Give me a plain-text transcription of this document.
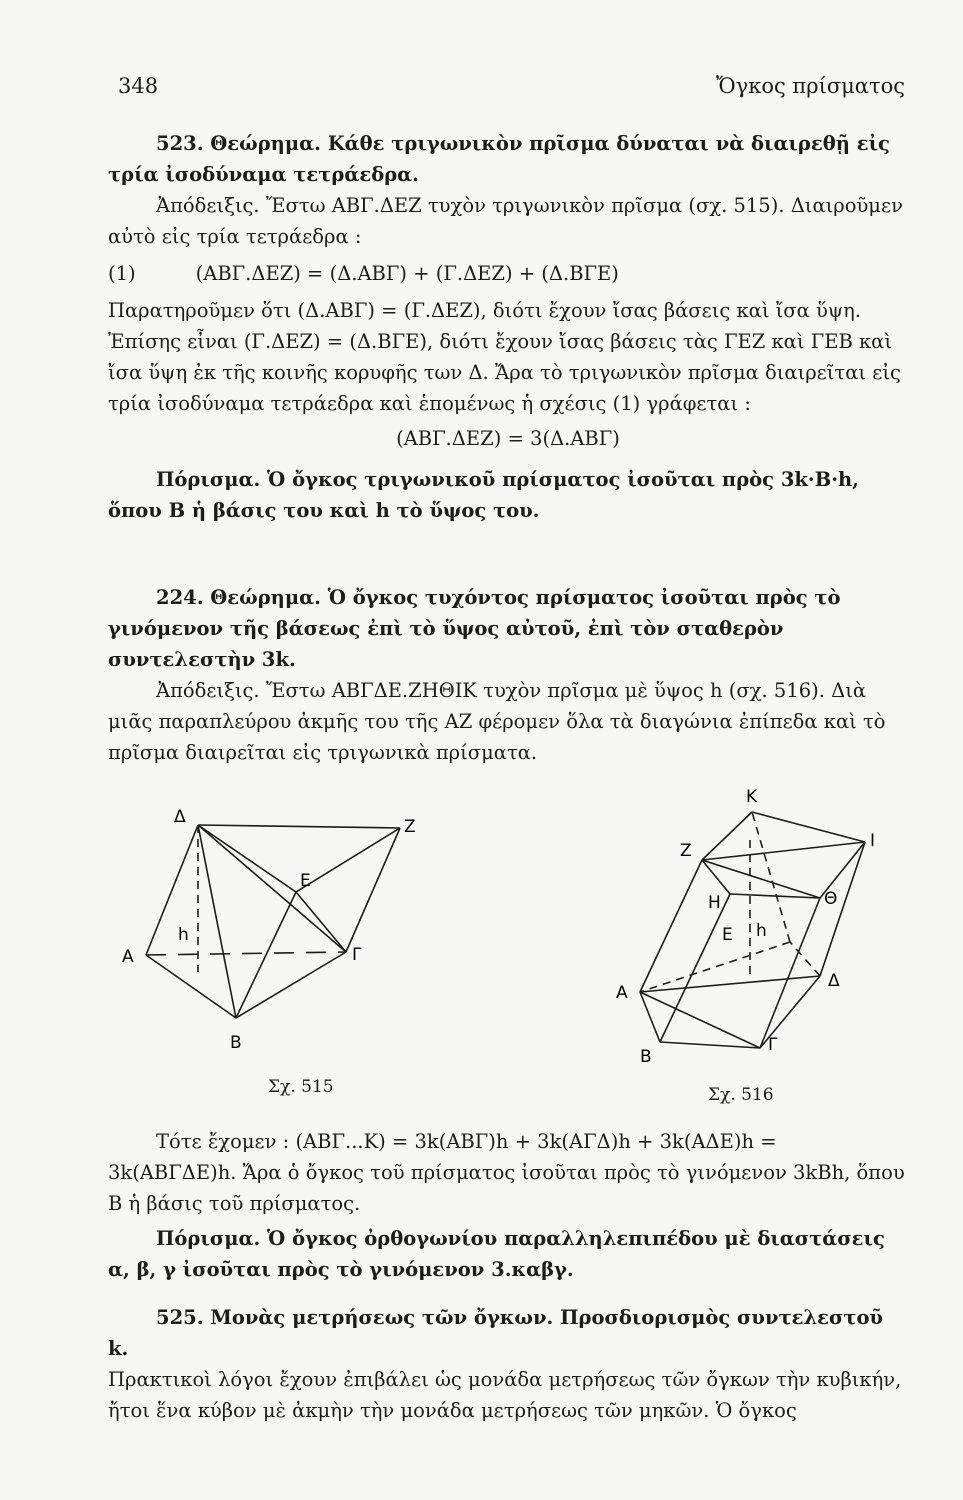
348	Ὄγκος πρίσματος

523. Θεώρημα. Κάθε τριγωνικὸν πρῖσμα δύναται νὰ διαιρεθῇ εἰς τρία ἰσοδύναμα τετράεδρα.

Ἀπόδειξις. Ἔστω ΑΒΓ.ΔΕΖ τυχὸν τριγωνικὸν πρῖσμα (σχ. 515). Διαιροῦμεν αὐτὸ εἰς τρία τετράεδρα :

(1)	(ΑΒΓ.ΔΕΖ) = (Δ.ΑΒΓ) + (Γ.ΔΕΖ) + (Δ.ΒΓΕ)

Παρατηροῦμεν ὅτι (Δ.ΑΒΓ) = (Γ.ΔΕΖ), διότι ἔχουν ἴσας βάσεις καὶ ἴσα ὕψη. Ἐπίσης εἶναι (Γ.ΔΕΖ) = (Δ.ΒΓΕ), διότι ἔχουν ἴσας βάσεις τὰς ΓΕΖ καὶ ΓΕΒ καὶ ἴσα ὕψη ἐκ τῆς κοινῆς κορυφῆς των Δ. Ἄρα τὸ τριγωνικὸν πρῖσμα διαιρεῖται εἰς τρία ἰσοδύναμα τετράεδρα καὶ ἑπομένως ἡ σχέσις (1) γράφεται :

(ΑΒΓ.ΔΕΖ) = 3(Δ.ΑΒΓ)

Πόρισμα. Ὁ ὄγκος τριγωνικοῦ πρίσματος ἰσοῦται πρὸς 3k·B·h, ὅπου Β ἡ βάσις του καὶ h τὸ ὕψος του.

224. Θεώρημα. Ὁ ὄγκος τυχόντος πρίσματος ἰσοῦται πρὸς τὸ γινόμενον τῆς βάσεως ἐπὶ τὸ ὕψος αὐτοῦ, ἐπὶ τὸν σταθερὸν συντελεστὴν 3k.

Ἀπόδειξις. Ἔστω ΑΒΓΔΕ.ΖΗΘΙΚ τυχὸν πρῖσμα μὲ ὕψος h (σχ. 516). Διὰ μιᾶς παραπλεύρου ἀκμῆς του τῆς ΑΖ φέρομεν ὅλα τὰ διαγώνια ἐπίπεδα καὶ τὸ πρῖσμα διαιρεῖται εἰς τριγωνικὰ πρίσματα.

Δ	Z
E
h
A	Γ
B
Σχ. 515
K
Z	I
H	Θ
E h
A
Δ
B
Γ
Σχ. 516

Τότε ἔχομεν : (ΑΒΓ...Κ) = 3k(ΑΒΓ)h + 3k(ΑΓΔ)h + 3k(ΑΔΕ)h = 3k(ΑΒΓΔΕ)h. Ἄρα ὁ ὄγκος τοῦ πρίσματος ἰσοῦται πρὸς τὸ γινόμενον 3kBh, ὅπου Β ἡ βάσις τοῦ πρίσματος.

Πόρισμα. Ὁ ὄγκος ὀρθογωνίου παραλληλεπιπέδου μὲ διαστάσεις α, β, γ ἰσοῦται πρὸς τὸ γινόμενον 3.καβγ.

525. Μονὰς μετρήσεως τῶν ὄγκων. Προσδιορισμὸς συντελεστοῦ k.

Πρακτικοὶ λόγοι ἔχουν ἐπιβάλει ὡς μονάδα μετρήσεως τῶν ὄγκων τὴν κυβικήν, ἤτοι ἕνα κύβον μὲ ἀκμὴν τὴν μονάδα μετρήσεως τῶν μηκῶν. Ὁ ὄγκος
